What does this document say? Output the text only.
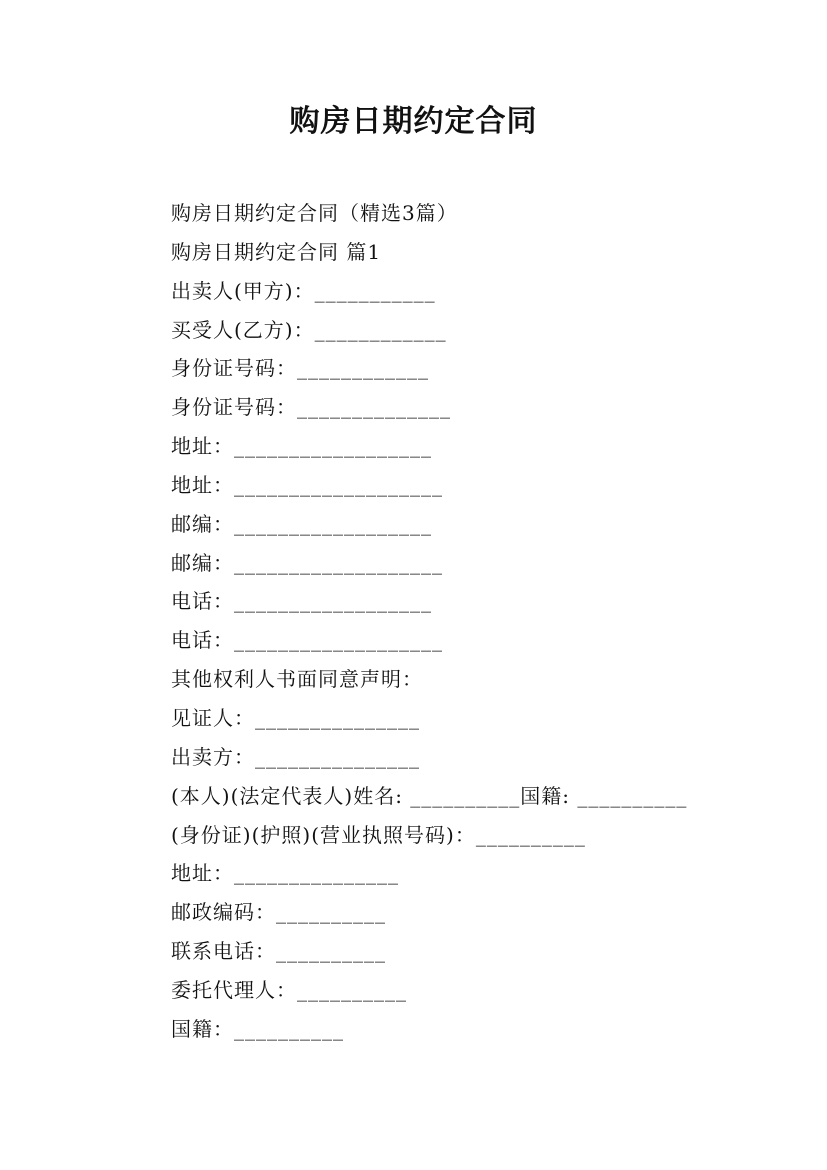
购房日期约定合同
购房日期约定合同（精选3篇）
购房日期约定合同 篇1
出卖人(甲方)：___________
买受人(乙方)：____________
身份证号码：____________
身份证号码：______________
地址：__________________
地址：___________________
邮编：__________________
邮编：___________________
电话：__________________
电话：___________________
其他权利人书面同意声明：
见证人：_______________
出卖方：_______________
(本人)(法定代表人)姓名: __________国籍: __________
(身份证)(护照)(营业执照号码)：__________
地址：_______________
邮政编码：__________
联系电话：__________
委托代理人：__________
国籍：__________
